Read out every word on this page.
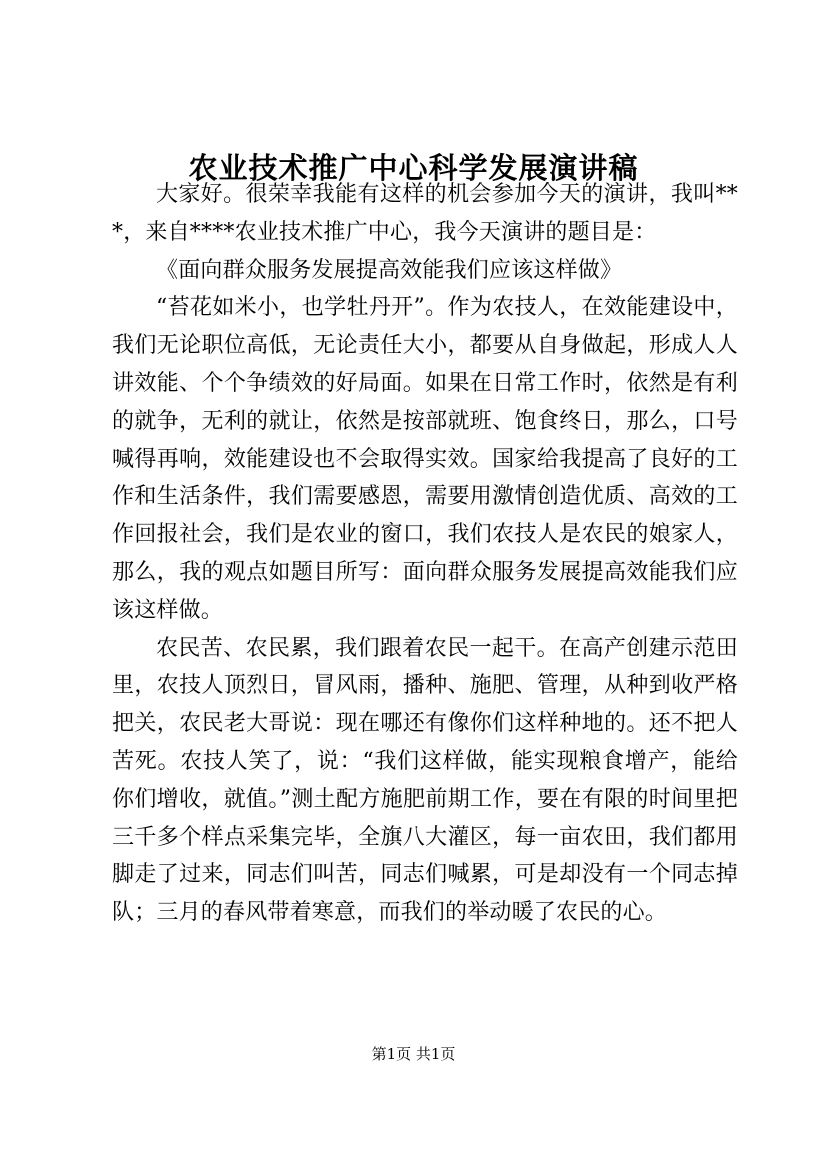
农业技术推广中心科学发展演讲稿

大家好。很荣幸我能有这样的机会参加今天的演讲，我叫***，来自****农业技术推广中心，我今天演讲的题目是：

《面向群众服务发展提高效能我们应该这样做》

“苔花如米小，也学牡丹开”。作为农技人，在效能建设中，我们无论职位高低，无论责任大小，都要从自身做起，形成人人讲效能、个个争绩效的好局面。如果在日常工作时，依然是有利的就争，无利的就让，依然是按部就班、饱食终日，那么，口号喊得再响，效能建设也不会取得实效。国家给我提高了良好的工作和生活条件，我们需要感恩，需要用激情创造优质、高效的工作回报社会，我们是农业的窗口，我们农技人是农民的娘家人，那么，我的观点如题目所写：面向群众服务发展提高效能我们应该这样做。

农民苦、农民累，我们跟着农民一起干。在高产创建示范田里，农技人顶烈日，冒风雨，播种、施肥、管理，从种到收严格把关，农民老大哥说：现在哪还有像你们这样种地的。还不把人苦死。农技人笑了，说：“我们这样做，能实现粮食增产，能给你们增收，就值。”测土配方施肥前期工作，要在有限的时间里把三千多个样点采集完毕，全旗八大灌区，每一亩农田，我们都用脚走了过来，同志们叫苦，同志们喊累，可是却没有一个同志掉队；三月的春风带着寒意，而我们的举动暖了农民的心。

第1页 共1页
